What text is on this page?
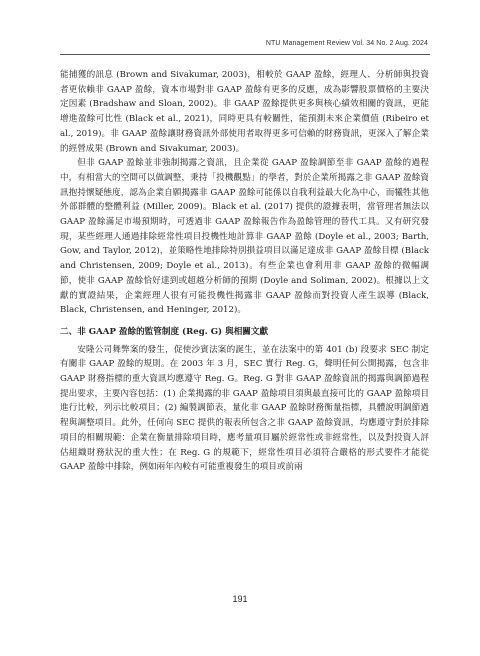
NTU Management Review Vol. 34 No. 2 Aug. 2024

能捕獲的訊息 (Brown and Sivakumar, 2003)，相較於 GAAP 盈餘，經理人、分析師與投資者更依賴非 GAAP 盈餘，資本市場對非 GAAP 盈餘有更多的反應，成為影響股票價格的主要決定因素 (Bradshaw and Sloan, 2002)。非 GAAP 盈餘提供更多與核心績效相關的資訊，更能增進盈餘可比性 (Black et al., 2021)，同時更具有較關性，能預測未來企業價值 (Ribeiro et al., 2019)。非 GAAP 盈餘讓財務資訊外部使用者取得更多可信賴的財務資訊，更深入了解企業的經營成果 (Brown and Sivakumar, 2003)。

但非 GAAP 盈餘並非強制揭露之資訊，且企業從 GAAP 盈餘調節至非 GAAP 盈餘的過程中，有相當大的空間可以做調整，秉持「投機觀點」的學者，對於企業所揭露之非 GAAP 盈餘資訊抱持懷疑態度，認為企業自願揭露非 GAAP 盈餘可能係以自我利益最大化為中心，而犧牲其他外部群體的整體利益 (Miller, 2009)。Black et al. (2017) 提供的證據表明，當管理者無法以 GAAP 盈餘滿足市場預期時，可透過非 GAAP 盈餘報告作為盈餘管理的替代工具。又有研究發現，某些經理人通過排除經常性項目投機性地計算非 GAAP 盈餘 (Doyle et al., 2003; Barth, Gow, and Taylor, 2012)，並策略性地排除特別損益項目以滿足達成非 GAAP 盈餘目標 (Black and Christensen, 2009; Doyle et al., 2013)。有些企業也會利用非 GAAP 盈餘的微幅調節，使非 GAAP 盈餘恰好達到或超越分析師的預期 (Doyle and Soliman, 2002)。根據以上文獻的實證結果，企業經理人很有可能投機性揭露非 GAAP 盈餘而對投資人產生誤導 (Black, Black, Christensen, and Heninger, 2012)。

二、非 GAAP 盈餘的監管制度 (Reg. G) 與相關文獻

安隆公司舞弊案的發生，促使沙賓法案的誕生，並在法案中的第 401 (b) 段要求 SEC 制定有關非 GAAP 盈餘的規則。在 2003 年 3 月，SEC 實行 Reg. G，聲明任何公開揭露，包含非 GAAP 財務指標的重大資訊均應遵守 Reg. G。Reg. G 對非 GAAP 盈餘資訊的揭露與調節過程提出要求，主要內容包括：(1) 企業揭露的非 GAAP 盈餘項目須與最直接可比的 GAAP 盈餘項目進行比較，列示比較項目；(2) 編製調節表，量化非 GAAP 盈餘財務衡量指標，具體說明調節過程與調整項目。此外，任何向 SEC 提供的報表所包含之非 GAAP 盈餘資訊，均應遵守對於排除項目的相關規範：企業在衡量排除項目時，應考量項目屬於經常性或非經常性，以及對投資人評估組織財務狀況的重大性；在 Reg. G 的規範下，經常性項目必須符合嚴格的形式要件才能從 GAAP 盈餘中排除，例如兩年內較有可能重複發生的項目或前兩

191
